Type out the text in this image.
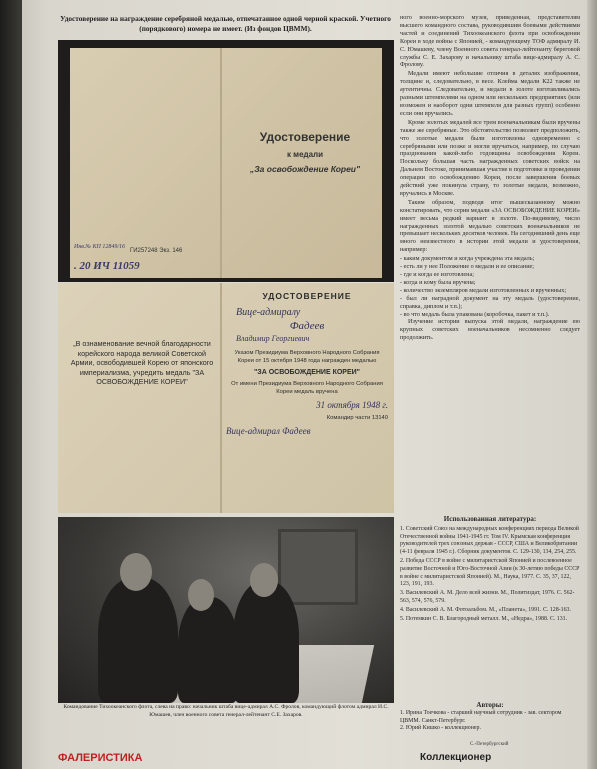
Удостоверение на награждение серебряной медалью, отпечатанное одной черной краской. Учетного (порядкового) номера не имеет. (Из фондов ЦВММ).
Удостоверение
к медали
„За освобождение Кореи"
Инв.№ КП 12849/16
ГИ257248 Экз. 146
. 20 ИЧ 11059
„В ознаменование вечной благодарности корейского народа великой Советской Армии, освободившей Корею от японского империализма, учредить медаль "ЗА ОСВОБОЖДЕНИЕ КОРЕИ"
УДОСТОВЕРЕНИЕ
Вице-адмиралу
Фадеев
Владимир Георгиевич
Указом Президиума Верховного Народного Собрания Кореи от 15 октября 1948 года награжден медалью
"ЗА ОСВОБОЖДЕНИЕ КОРЕИ"
От имени Президиума Верховного Народного Собрания Кореи медаль вручена
31 октября 1948 г.
Командир части 13140
Вице-адмирал Фадеев
Командование Тихоокеанского флота, слева на право: начальник штаба вице-адмирал А.С. Фролов, командующий флотом адмирал И.С. Юмашев, член военного совета генерал-лейтенант С.Е. Захаров.
ФАЛЕРИСТИКА
С.-Петербургский
Коллекционер

ного военно-морского музея, приведенная, представителям высшего командного состава, руководившим боевыми действиями частей и соединений Тихоокеанского флота при освобождении Кореи в ходе войны с Японией, - командующему ТОФ адмиралу И. С. Юмашеву, члену Военного совета генерал-лейтенанту береговой службы С. Е. Захарову и начальнику штаба вице-адмиралу А. С. Фролову.

Медали имеют небольшие отличия в деталях изображения, толщине и, следовательно, в весе. Клейма медали К22 также не аутентичны. Следовательно, и медали в золоте изготавливались разными штемпелями на одном или нескольких предприятиях (или возможен и наоборот одни штемпеля для разных групп) особенно если они вручались.

Кроме золотых медалей все трем военачальникам были вручены также же серебряные. Это обстоятельство позволяет предположить, что золотые медали были изготовлены одновременно с серебряными или позже и могли вручаться, например, по случаю празднования какой-либо годовщины освобождения Кореи. Поскольку большая часть награжденных советских войск на Дальнем Востоке, принимавшая участие в подготовке и проведении операции по освобождению Кореи, после завершения боевых действий уже покинула страну, то золотые медали, возможно, вручались в Москве.

Таким образом, подводя итог вышесказанному можно констатировать, что серия медали «ЗА ОСВОБОЖДЕНИЕ КОРЕИ» имеет весьма редкий вариант в золоте. По-видимому, число награжденных золотой медалью советских военачальников не превышает нескольких десятков человек. На сегодняшний день еще много неизвестного в истории этой медали и удостоверения, например:

- каким документом и когда учреждена эта медаль;
- есть ли у нее Положение о медали и ее описание;
- где и когда ее изготовлена;
- когда и кому была вручена;
- количество экземпляров медали изготовленных и врученных;
- был ли наградной документ на эту медаль (удостоверение, справка, диплом и т.п.);
- во что медаль была упакована (коробочка, пакет и т.п.).

Изучение истории выпуска этой медали, награждение ею крупных советских военачальников несомненно следует продолжить.

Использованная литература:

1. Советский Союз на международных конференциях периода Великой Отечественной войны 1941-1945 гг. Том IV. Крымская конференция руководителей трех союзных держав - СССР, США и Великобритании (4-11 февраля 1945 г.). Сборник документов. С. 129-130, 134, 254, 255.

2. Победа СССР в войне с милитаристской Японией и послевоенное развитие Восточной и Юго-Восточной Азии (к 30-летию победы СССР в войне с милитаристской Японией). М., Наука, 1977. С. 35, 37, 122, 123, 191, 193.

3. Василевский А. М. Дело всей жизни. М., Политиздат, 1976. С. 562-563, 574, 576, 579.

4. Василевский А. М. Фотоальбом. М., «Планета», 1991. С. 128-163.

5. Потемкин С. В. Благородный металл. М., «Недра», 1988. С. 131.

Авторы:

1. Ирина Тоечкова - старший научный сотрудник - зав. сектором ЦВММ. Санкт-Петербург.

2. Юрий Кишко - коллекционер.
